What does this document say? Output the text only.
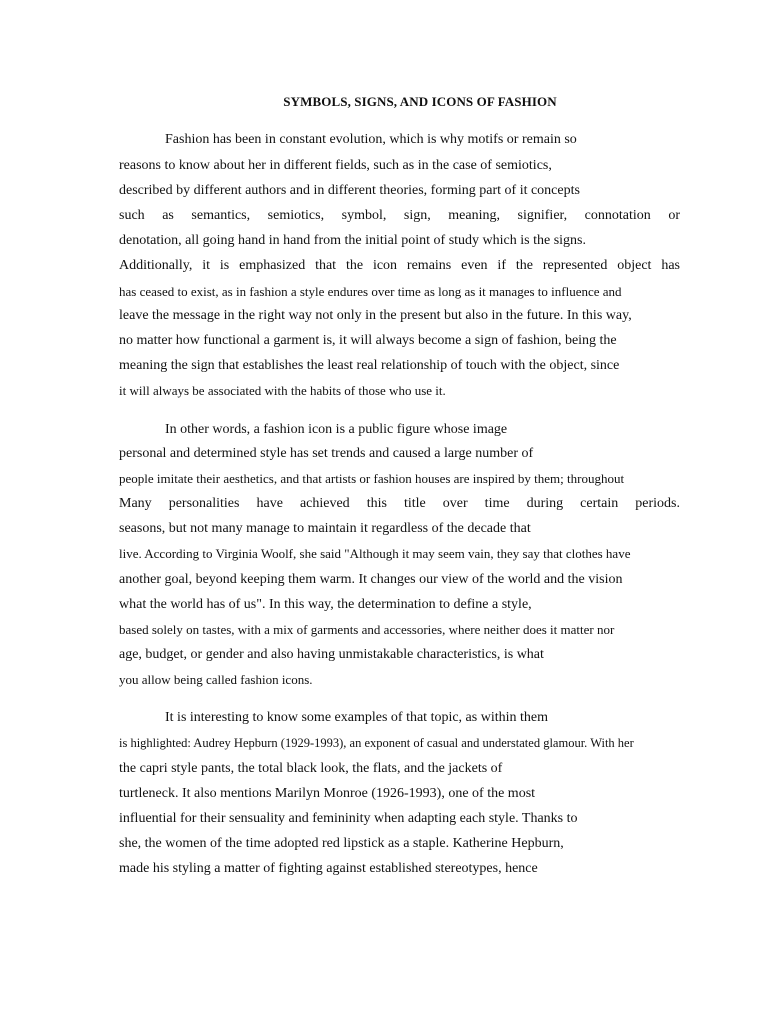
SYMBOLS, SIGNS, AND ICONS OF FASHION
Fashion has been in constant evolution, which is why motifs or remain so
reasons to know about her in different fields, such as in the case of semiotics,
described by different authors and in different theories, forming part of it concepts
such as semantics, semiotics, symbol, sign, meaning, signifier, connotation or
denotation, all going hand in hand from the initial point of study which is the signs.
Additionally, it is emphasized that the icon remains even if the represented object has
has ceased to exist, as in fashion a style endures over time as long as it manages to influence and
leave the message in the right way not only in the present but also in the future. In this way,
no matter how functional a garment is, it will always become a sign of fashion, being the
meaning the sign that establishes the least real relationship of touch with the object, since
it will always be associated with the habits of those who use it.
In other words, a fashion icon is a public figure whose image
personal and determined style has set trends and caused a large number of
people imitate their aesthetics, and that artists or fashion houses are inspired by them; throughout
Many personalities have achieved this title over time during certain periods.
seasons, but not many manage to maintain it regardless of the decade that
live. According to Virginia Woolf, she said "Although it may seem vain, they say that clothes have
another goal, beyond keeping them warm. It changes our view of the world and the vision
what the world has of us". In this way, the determination to define a style,
based solely on tastes, with a mix of garments and accessories, where neither does it matter nor
age, budget, or gender and also having unmistakable characteristics, is what
you allow being called fashion icons.
It is interesting to know some examples of that topic, as within them
is highlighted: Audrey Hepburn (1929-1993), an exponent of casual and understated glamour. With her
the capri style pants, the total black look, the flats, and the jackets of
turtleneck. It also mentions Marilyn Monroe (1926-1993), one of the most
influential for their sensuality and femininity when adapting each style. Thanks to
she, the women of the time adopted red lipstick as a staple. Katherine Hepburn,
made his styling a matter of fighting against established stereotypes, hence
